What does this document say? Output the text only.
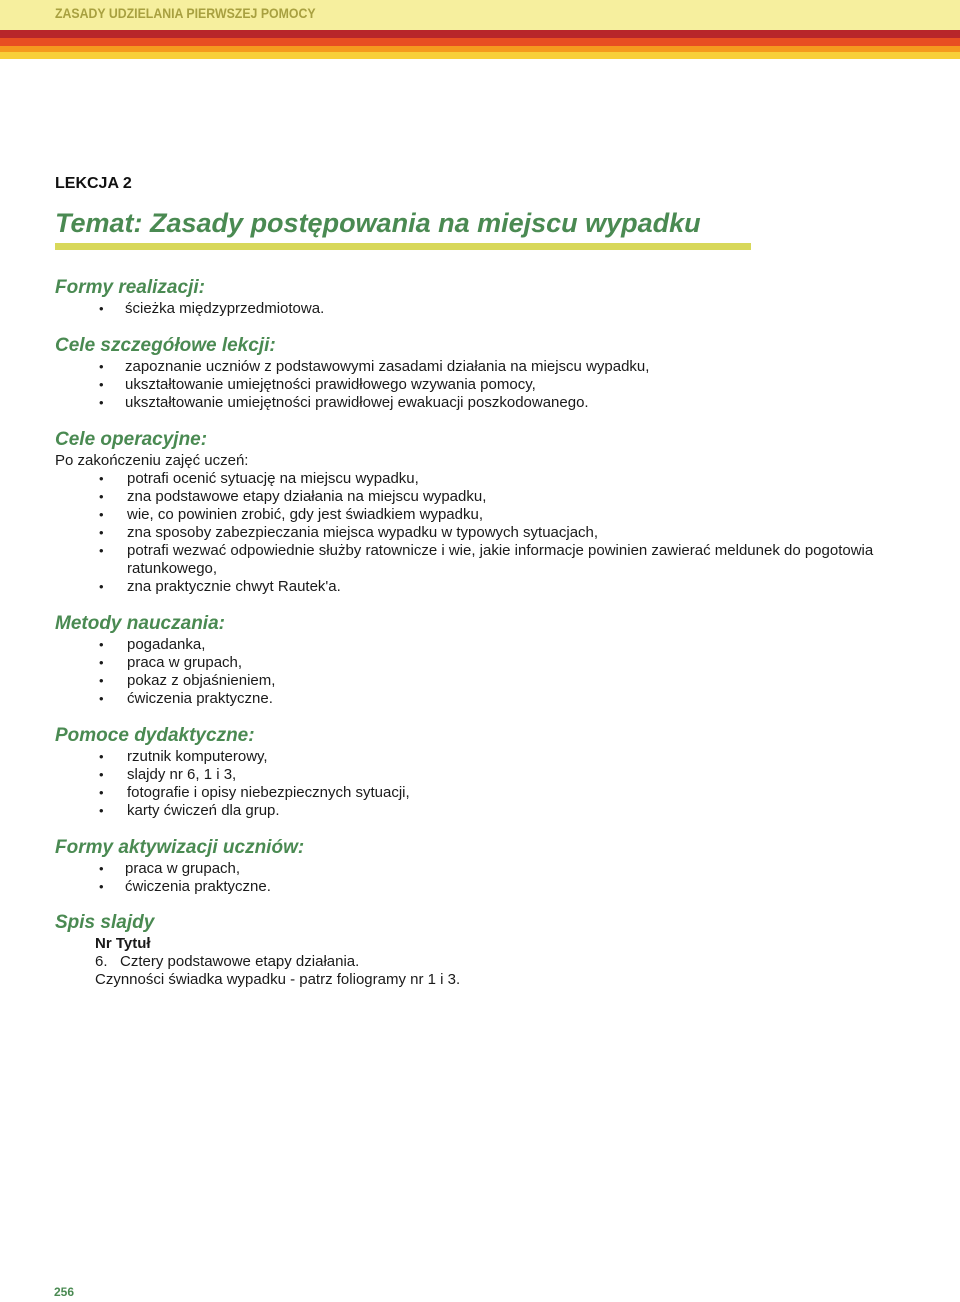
ZASADY UDZIELANIA PIERWSZEJ POMOCY
LEKCJA 2
Temat: Zasady postępowania na miejscu wypadku
Formy realizacji:
• ścieżka międzyprzedmiotowa.
Cele szczegółowe lekcji:
• zapoznanie uczniów z podstawowymi zasadami działania na miejscu wypadku,
• ukształtowanie umiejętności prawidłowego wzywania pomocy,
• ukształtowanie umiejętności prawidłowej ewakuacji poszkodowanego.
Cele operacyjne:

Po zakończeniu zajęć uczeń:

• potrafi ocenić sytuację na miejscu wypadku,
• zna podstawowe etapy działania na miejscu wypadku,
• wie, co powinien zrobić, gdy jest świadkiem wypadku,
• zna sposoby zabezpieczania miejsca wypadku w typowych sytuacjach,
• potrafi wezwać odpowiednie służby ratownicze i wie, jakie informacje powinien zawierać meldunek do pogotowia ratunkowego,
• zna praktycznie chwyt Rautek'a.
Metody nauczania:
• pogadanka,
• praca w grupach,
• pokaz z objaśnieniem,
• ćwiczenia praktyczne.
Pomoce dydaktyczne:
• rzutnik komputerowy,
• slajdy nr 6, 1 i 3,
• fotografie i opisy niebezpiecznych sytuacji,
• karty ćwiczeń dla grup.
Formy aktywizacji uczniów:
• praca w grupach,
• ćwiczenia praktyczne.
Spis slajdy
Nr Tytuł
6.   Cztery podstawowe etapy działania.
Czynności świadka wypadku - patrz foliogramy nr 1 i 3.
256
